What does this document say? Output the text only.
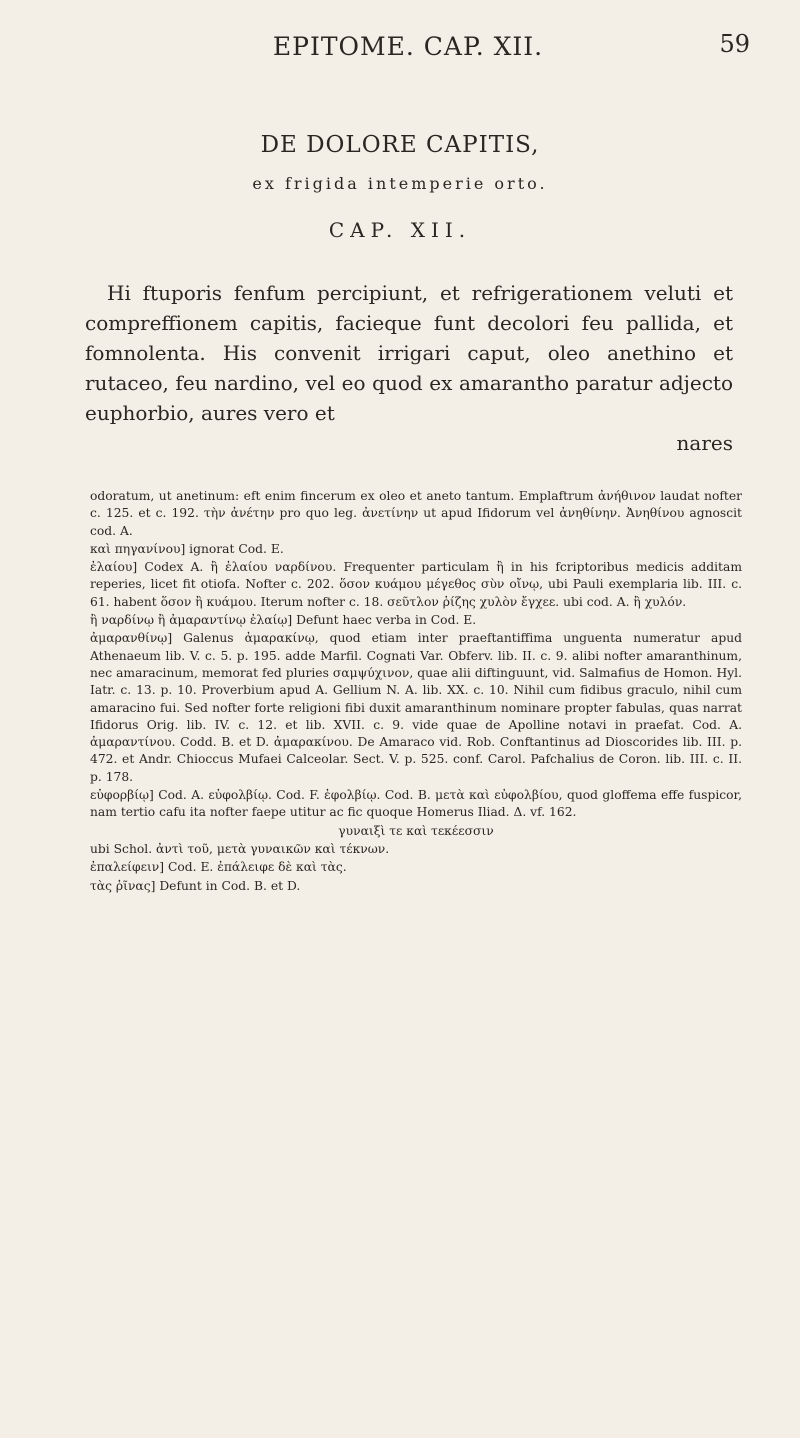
EPITOME. CAP. XII.	59
DE DOLORE CAPITIS,
ex frigida intemperie orto.
CAP. XII.

Hi ftuporis fenfum percipiunt, et refrigerationem veluti et compreffionem capitis, facieque funt decolori feu pallida, et fomnolenta. His convenit irrigari caput, oleo anethino et rutaceo, feu nardino, vel eo quod ex amarantho paratur adjecto euphorbio, aures vero et

nares

odoratum, ut anetinum: eft enim fincerum ex oleo et aneto tantum. Emplaftrum ἀνήθινον laudat nofter c. 125. et c. 192. τὴν ἀνέτην pro quo leg. ἀνετίνην ut apud Ifidorum vel ἀνηθίνην. Ἀνηθίνου agnoscit cod. A.

καὶ πηγανίνου] ignorat Cod. E.

ἐλαίου] Codex A. ἢ ἐλαίου ναρδίνου. Frequenter particulam ἢ in his fcriptoribus medicis additam reperies, licet fit otiofa. Nofter c. 202. ὅσον κυάμου μέγεθος σὺν οἴνῳ, ubi Pauli exemplaria lib. III. c. 61. habent ὅσον ἢ κυάμου. Iterum nofter c. 18. σεῦτλον ῥίζης χυλὸν ἔγχεε. ubi cod. A. ἢ χυλόν.

ἢ ναρδίνῳ ἢ ἀμαραντίνῳ ἐλαίῳ] Defunt haec verba in Cod. E.

ἀμαρανθίνῳ] Galenus ἀμαρακίνῳ, quod etiam inter praeftantiffima unguenta numeratur apud Athenaeum lib. V. c. 5. p. 195. adde Marfil. Cognati Var. Obferv. lib. II. c. 9. alibi nofter amaranthinum, nec amaracinum, memorat fed pluries σαμψύχινον, quae alii diftinguunt, vid. Salmafius de Homon. Hyl. Iatr. c. 13. p. 10. Proverbium apud A. Gellium N. A. lib. XX. c. 10. Nihil cum fidibus graculo, nihil cum amaracino fui. Sed nofter forte religioni fibi duxit amaranthinum nominare propter fabulas, quas narrat Ifidorus Orig. lib. IV. c. 12. et lib. XVII. c. 9. vide quae de Apolline notavi in praefat. Cod. A. ἀμαραντίνου. Codd. B. et D. ἀμαρακίνου. De Amaraco vid. Rob. Conftantinus ad Dioscorides lib. III. p. 472. et Andr. Chioccus Mufaei Calceolar. Sect. V. p. 525. conf. Carol. Pafchalius de Coron. lib. III. c. II. p. 178.

εὐφορβίῳ] Cod. A. εὐφολβίῳ. Cod. F. ἐφολβίῳ. Cod. B. μετὰ καὶ εὐφολβίου, quod gloffema effe fuspicor, nam tertio cafu ita nofter faepe utitur ac fic quoque Homerus Iliad. Δ. vf. 162.

γυναιξὶ τε καὶ τεκέεσσιν

ubi Schol. ἀντὶ τοῦ, μετὰ γυναικῶν καὶ τέκνων.

ἐπαλείφειν] Cod. E. ἐπάλειφε δὲ καὶ τὰς.

τὰς ῥῖνας] Defunt in Cod. B. et D.
